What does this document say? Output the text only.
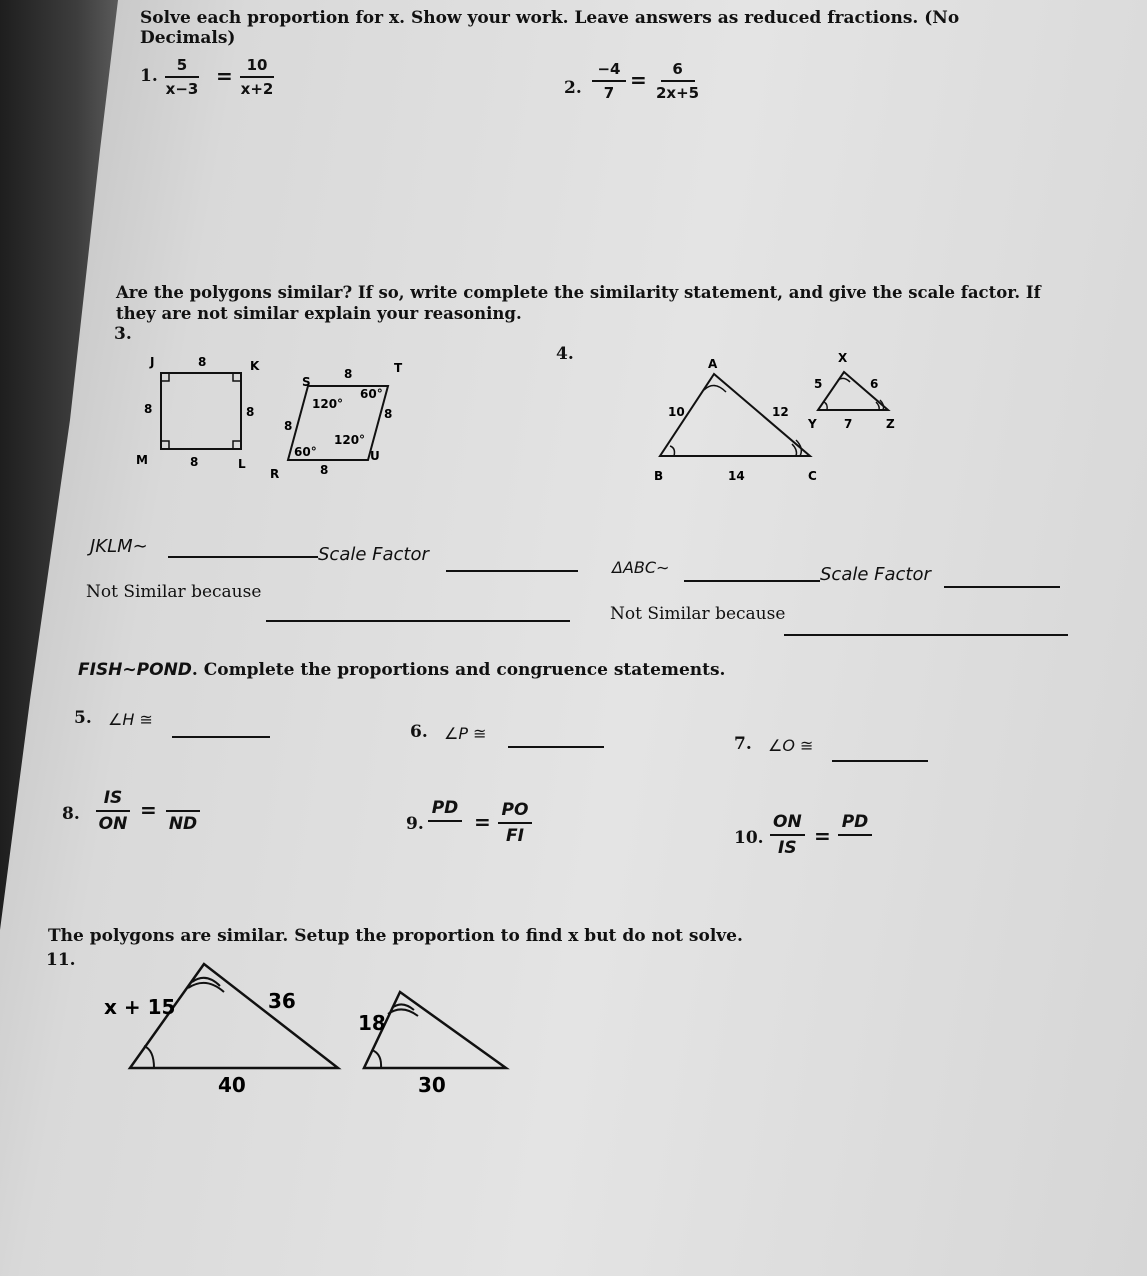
Solve each proportion for x. Show your work. Leave answers as reduced fractions. (No Decimals)
1. $\frac{5}{x-3} = \frac{10}{x+2}$	2. $\frac{-4}{7} = \frac{6}{2x+5}$
Are the polygons similar? If so, write complete the similarity statement, and give the scale factor. If they are not similar explain your reasoning.
3.
4.
J	8	K
8	8
M	8	L
S
8	T
120°
60°
8
8
120°
60°	U
R	8
A
10	12
B	14	C
X
5	6
Y 7	Z
JKLM∼	Scale Factor
ΔABC∼	Scale Factor
Not Similar because
Not Similar because
FISH∼POND. Complete the proportions and congruence statements.
5. ∠H ≅
6. ∠P ≅
7. ∠O ≅
8. $\frac{IS}{ON}$ =

ND	9.
PD

= $\frac{PO}{FI}$	10. $\frac{ON}{IS}$ =
PD

The polygons are similar. Setup the proportion to find x but do not solve.
11.
x + 15	36
40
18
30
